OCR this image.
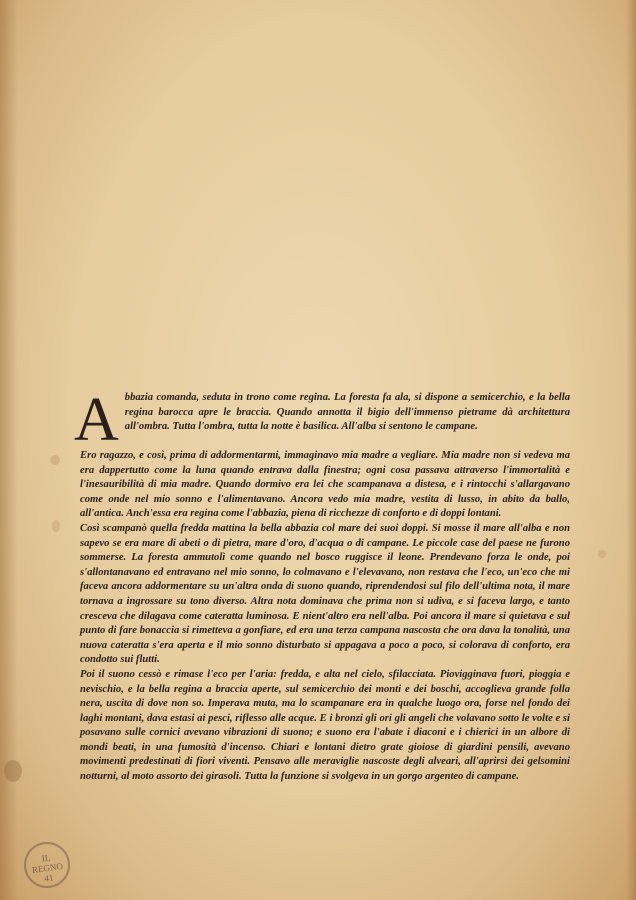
Abbazia comanda, seduta in trono come regina. La foresta fa ala, si dispone a semicerchio, e la bella regina barocca apre le braccia. Quando annotta il bigio dell'immenso pietrame dà architettura all'ombra. Tutta l'ombra, tutta la notte è basilica. All'alba si sentono le campane.

Ero ragazzo, e così, prima di addormentarmi, immaginavo mia madre a vegliare. Mia madre non si vedeva ma era dappertutto come la luna quando entrava dalla finestra; ogni cosa passava attraverso l'immortalità e l'inesauribilità di mia madre. Quando dormivo era lei che scampanava a distesa, e i rintocchi s'allargavano come onde nel mio sonno e l'alimentavano. Ancora vedo mia madre, vestita di lusso, in abito da ballo, all'antica. Anch'essa era regina come l'abbazia, piena di ricchezze di conforto e di doppi lontani.

Così scampanò quella fredda mattina la bella abbazia col mare dei suoi doppi. Si mosse il mare all'alba e non sapevo se era mare di abeti o di pietra, mare d'oro, d'acqua o di campane. Le piccole case del paese ne furono sommerse. La foresta ammutolì come quando nel bosco ruggisce il leone. Prendevano forza le onde, poi s'allontanavano ed entravano nel mio sonno, lo colmavano e l'elevavano, non restava che l'eco, un'eco che mi faceva ancora addormentare su un'altra onda di suono quando, riprendendosi sul filo dell'ultima nota, il mare tornava a ingrossare su tono diverso. Altra nota dominava che prima non si udiva, e si faceva largo, e tanto cresceva che dilagava come cateratta luminosa. E nient'altro era nell'alba. Poi ancora il mare si quietava e sul punto di fare bonaccia si rimetteva a gonfiare, ed era una terza campana nascosta che ora dava la tonalità, una nuova cateratta s'era aperta e il mio sonno disturbato si appagava a poco a poco, si colorava di conforto, era condotto sui flutti.

Poi il suono cessò e rimase l'eco per l'aria: fredda, e alta nel cielo, sfilacciata. Piovigginava fuori, pioggia e nevischio, e la bella regina a braccia aperte, sul semicerchio dei monti e dei boschi, accoglieva grande folla nera, uscita di dove non so. Imperava muta, ma lo scampanare era in qualche luogo ora, forse nel fondo dei laghi montani, dava estasi ai pesci, riflesso alle acque. E i bronzi gli ori gli angeli che volavano sotto le volte e si posavano sulle cornici avevano vibrazioni di suono; e suono era l'abate i diaconi e i chierici in un albore di mondi beati, in una fumosità d'incenso. Chiari e lontani dietro grate gioiose di giardini pensili, avevano movimenti predestinati di fiori viventi. Pensavo alle meraviglie nascoste degli alveari, all'aprirsi dei gelsomini notturni, al moto assorto dei girasoli. Tutta la funzione si svolgeva in un gorgo argenteo di campane.

IL
REGNO
41
